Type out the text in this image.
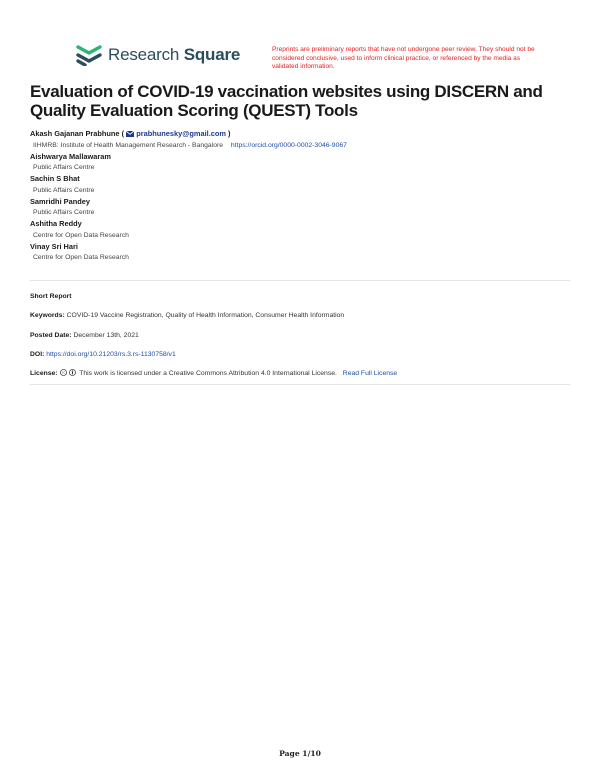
Research Square	Preprints are preliminary reports that have not undergone peer review. They should not be considered conclusive, used to inform clinical practice, or referenced by the media as validated information.
Evaluation of COVID-19 vaccination websites using DISCERN and Quality Evaluation Scoring (QUEST) Tools
Akash Gajanan Prabhune (  prabhunesky@gmail.com )
IIHMRB: Institute of Health Management Research - Bangalore https://orcid.org/0000-0002-3046-9067
Aishwarya Mallawaram
Public Affairs Centre
Sachin S Bhat
Public Affairs Centre
Samridhi Pandey
Public Affairs Centre
Ashitha Reddy
Centre for Open Data Research
Vinay Sri Hari
Centre for Open Data Research
Short Report
Keywords: COVID-19 Vaccine Registration, Quality of Health Information, Consumer Health Information
Posted Date: December 13th, 2021
DOI: https://doi.org/10.21203/rs.3.rs-1130758/v1
License: cc This work is licensed under a Creative Commons Attribution 4.0 International License. Read Full License
Page 1/10
